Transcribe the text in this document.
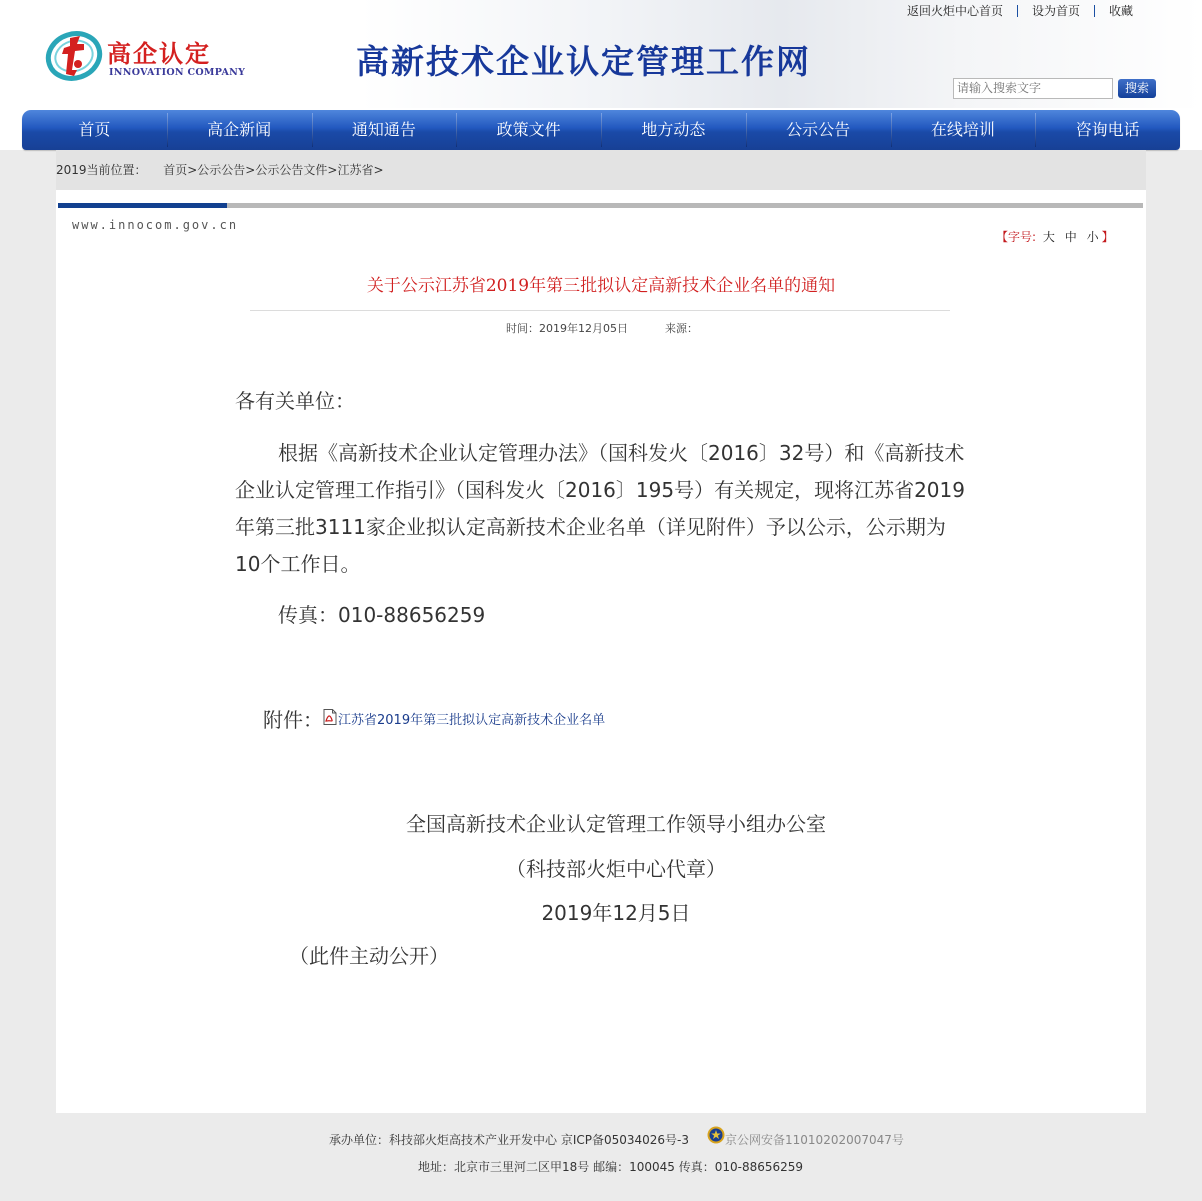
返回火炬中心首页	设为首页	收藏
高企认定
INNOVATION COMPANY	高新技术企业认定管理工作网
请输入搜索文字	搜索
首页	高企新闻	通知通告	政策文件	地方动态	公示公告	在线培训	咨询电话
2019当前位置： 首页>公示公告>公示公告文件>江苏省>
www.innocom.gov.cn
【字号: 大 中 小 】
关于公示江苏省2019年第三批拟认定高新技术企业名单的通知
时间：2019年12月05日	来源：

各有关单位：

根据《高新技术企业认定管理办法》（国科发火〔2016〕32号）和《高新技术企业认定管理工作指引》（国科发火〔2016〕195号）有关规定，现将江苏省2019年第三批3111家企业拟认定高新技术企业名单（详见附件）予以公示，公示期为10个工作日。

传真：010-88656259

附件： 江苏省2019年第三批拟认定高新技术企业名单
全国高新技术企业认定管理工作领导小组办公室
（科技部火炬中心代章）
2019年12月5日
（此件主动公开）
承办单位：科技部火炬高技术产业开发中心 京ICP备05034026号-3	京公网安备11010202007047号
地址：北京市三里河二区甲18号 邮编：100045 传真：010-88656259
